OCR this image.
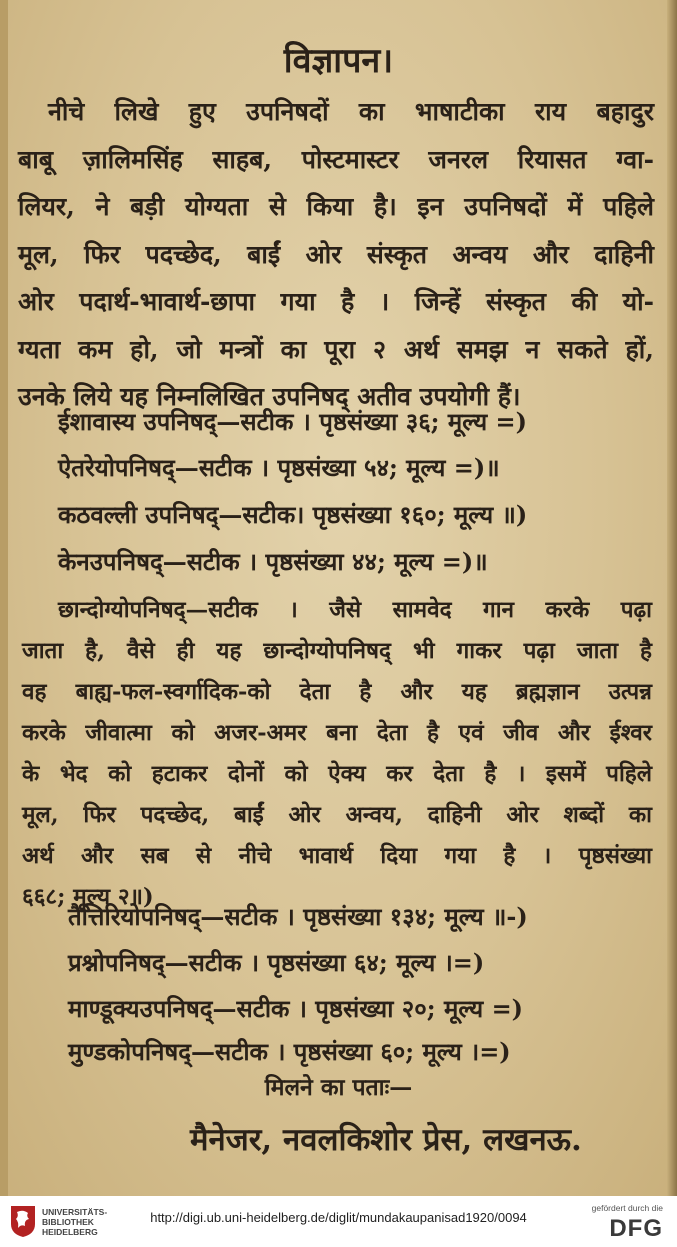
विज्ञापन।
नीचे लिखे हुए उपनिषदों का भाषाटीका राय बहादुर
बाबू ज़ालिमसिंह साहब, पोस्टमास्टर जनरल रियासत ग्वा-
लियर, ने बड़ी योग्यता से किया है। इन उपनिषदों में पहिले
मूल, फिर पदच्छेद, बाईं ओर संस्कृत अन्वय और दाहिनी
ओर पदार्थ-भावार्थ-छापा गया है । जिन्हें संस्कृत की यो-
ग्यता कम हो, जो मन्त्रों का पूरा २ अर्थ समझ न सकते हों,
उनके लिये यह निम्नलिखित उपनिषद् अतीव उपयोगी हैं।
ईशावास्य उपनिषद्—सटीक । पृष्ठसंख्या ३६; मूल्य =)
ऐतरेयोपनिषद्—सटीक । पृष्ठसंख्या ५४; मूल्य =)॥
कठवल्ली उपनिषद्—सटीक। पृष्ठसंख्या १६०; मूल्य ॥)
केनउपनिषद्—सटीक । पृष्ठसंख्या ४४; मूल्य =)॥
छान्दोग्योपनिषद्—सटीक । जैसे सामवेद गान करके पढ़ा
जाता है, वैसे ही यह छान्दोग्योपनिषद् भी गाकर पढ़ा जाता है
वह बाह्य-फल-स्वर्गादिक-को देता है और यह ब्रह्मज्ञान उत्पन्न
करके जीवात्मा को अजर-अमर बना देता है एवं जीव और ईश्वर
के भेद को हटाकर दोनों को ऐक्य कर देता है । इसमें पहिले
मूल, फिर पदच्छेद, बाईं ओर अन्वय, दाहिनी ओर शब्दों का
अर्थ और सब से नीचे भावार्थ दिया गया है । पृष्ठसंख्या
६६८; मूल्य २॥)
तैत्तिरियोपनिषद्—सटीक । पृष्ठसंख्या १३४; मूल्य ॥-)
प्रश्नोपनिषद्—सटीक । पृष्ठसंख्या ६४; मूल्य ।=)
माण्डूक्यउपनिषद्—सटीक । पृष्ठसंख्या २०; मूल्य =)
मुण्डकोपनिषद्—सटीक । पृष्ठसंख्या ६०; मूल्य ।=)
मिलने का पताः—
मैनेजर, नवलकिशोर प्रेस, लखनऊ.
UNIVERSITÄTS-
BIBLIOTHEK
HEIDELBERG
http://digi.ub.uni-heidelberg.de/diglit/mundakaupanisad1920/0094
gefördert durch die
DFG
